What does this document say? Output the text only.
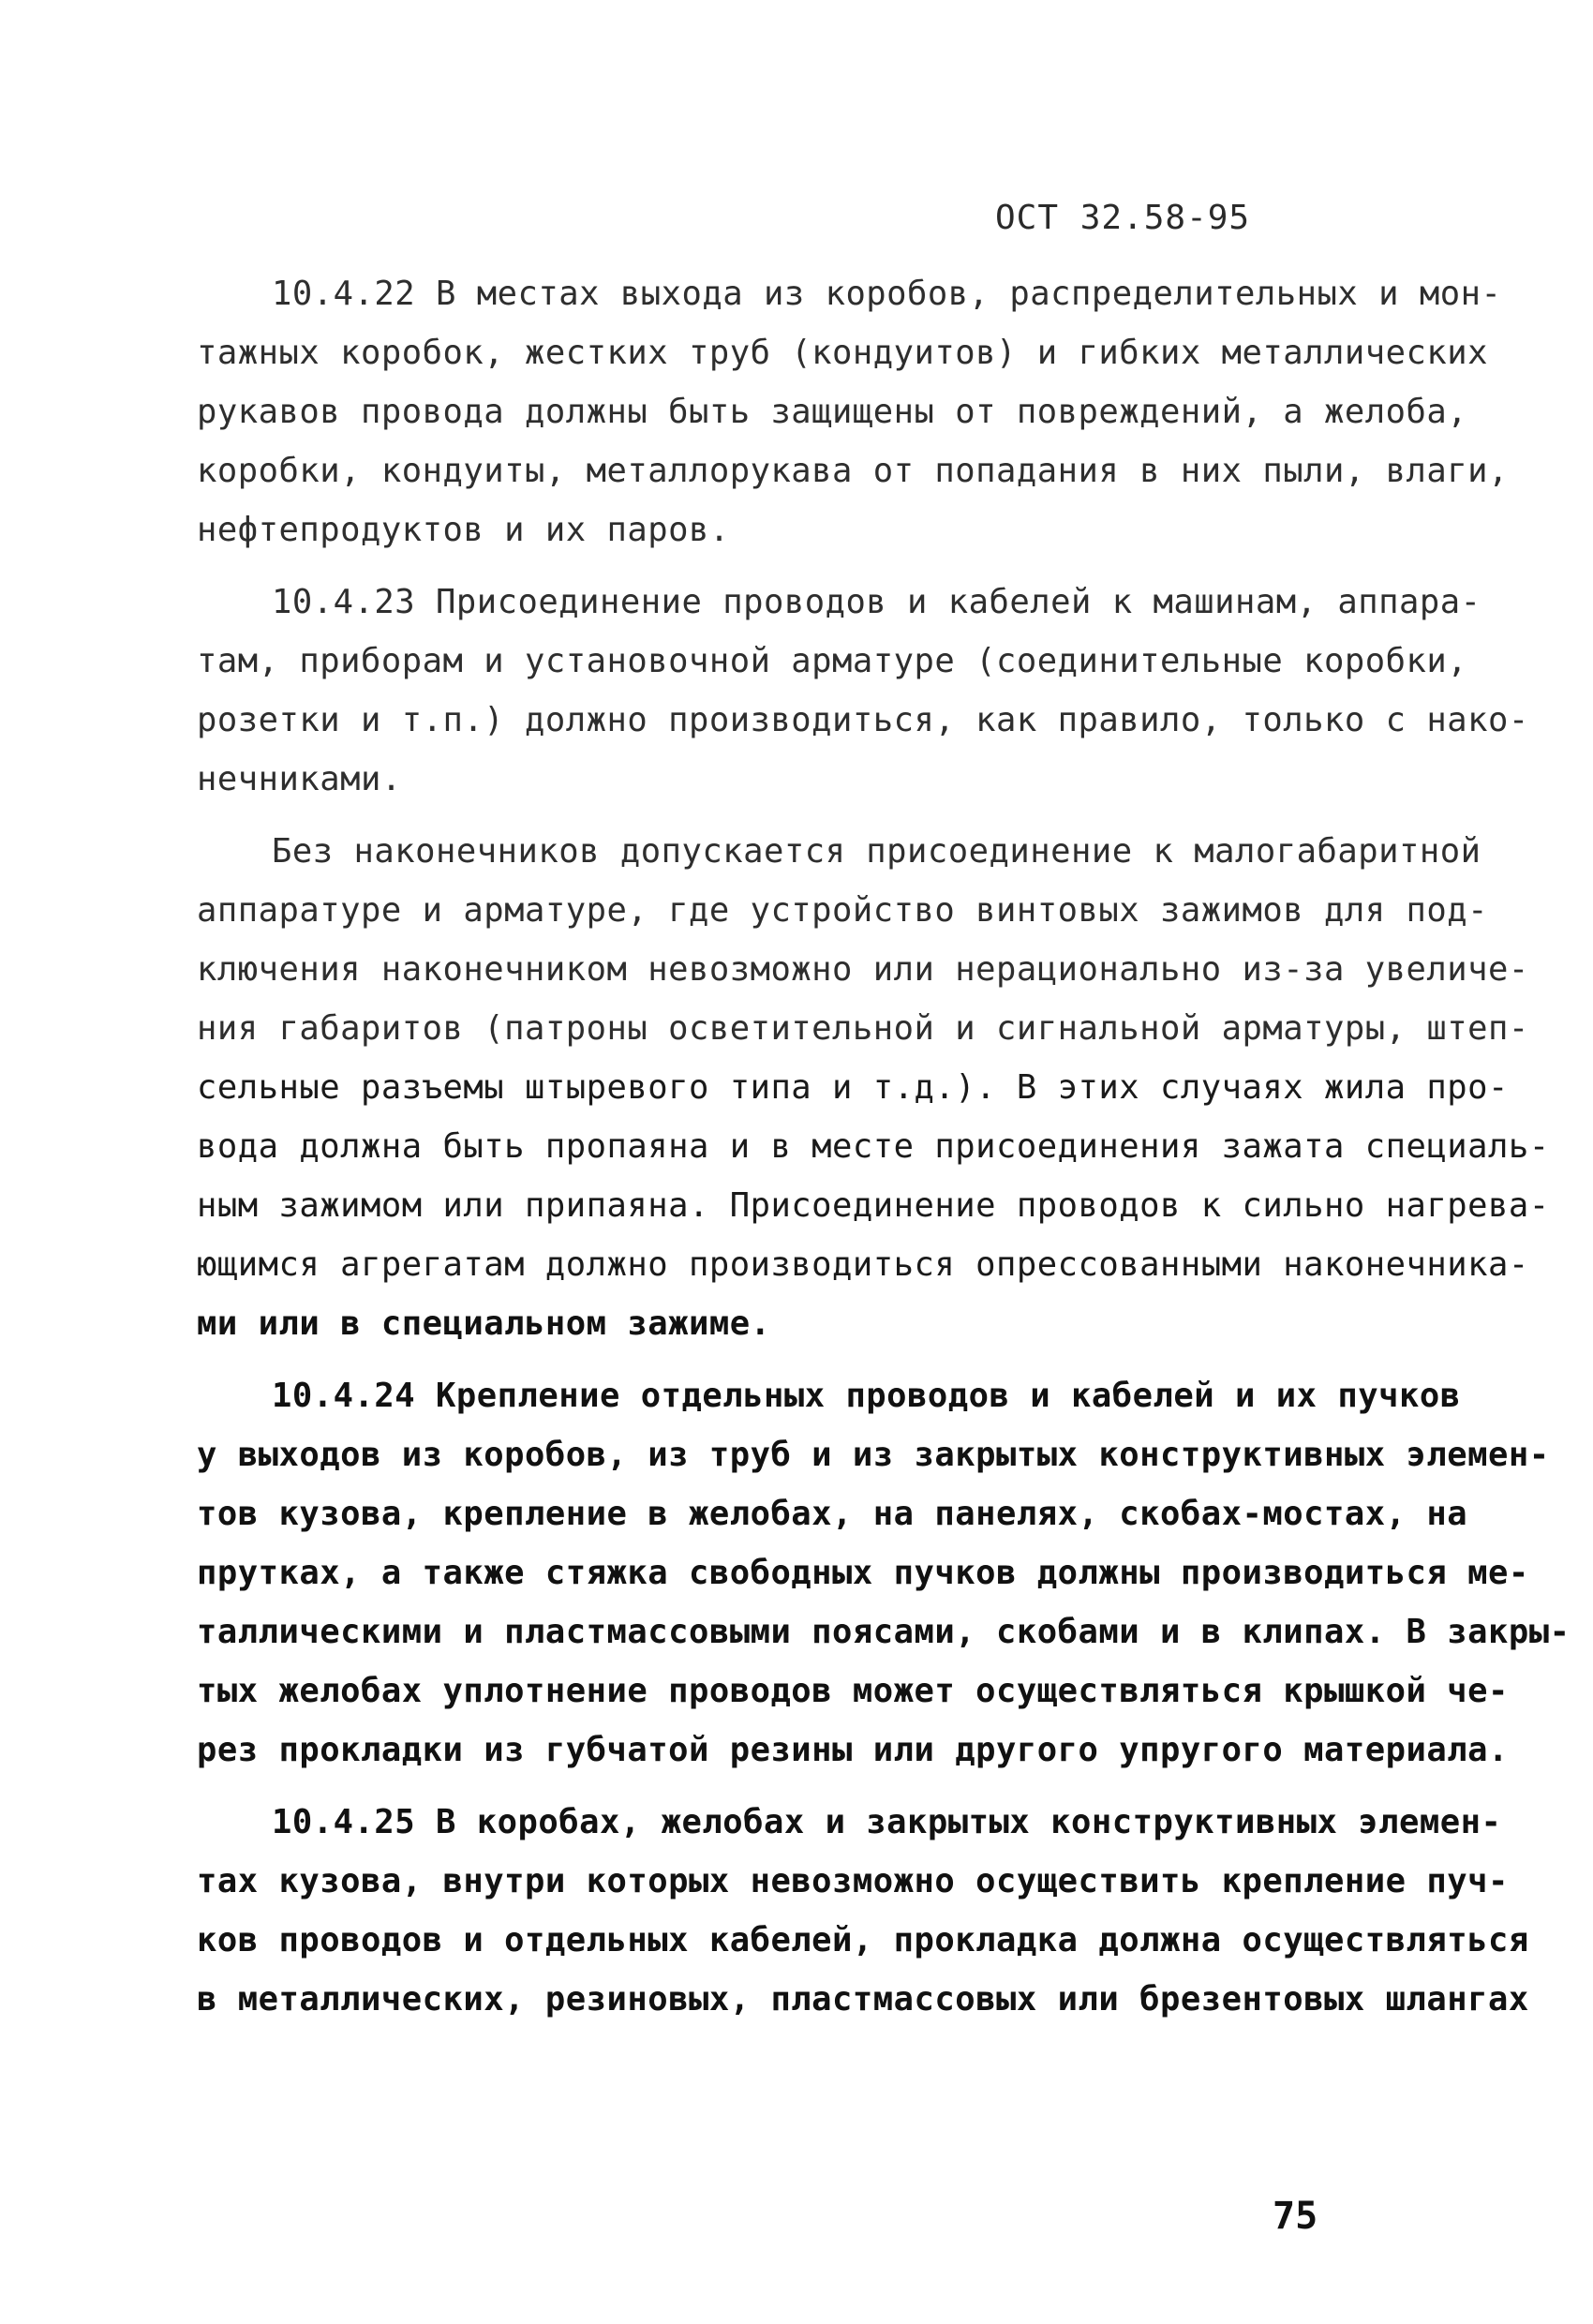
ОСТ 32.58-95
10.4.22 В местах выхода из коробов, распределительных и мон-
тажных коробок, жестких труб (кондуитов) и гибких металлических
рукавов провода должны быть защищены от повреждений, а желоба,
коробки, кондуиты, металлорукава от попадания в них пыли, влаги,
нефтепродуктов и их паров.
10.4.23 Присоединение проводов и кабелей к машинам, аппара-
там, приборам и установочной арматуре (соединительные коробки,
розетки и т.п.) должно производиться, как правило, только с нако-
нечниками.
Без наконечников допускается присоединение к малогабаритной
аппаратуре и арматуре, где устройство винтовых зажимов для под-
ключения наконечником невозможно или нерационально из-за увеличе-
ния габаритов (патроны осветительной и сигнальной арматуры, штеп-
сельные разъемы штыревого типа и т.д.). В этих случаях жила про-
вода должна быть пропаяна и в месте присоединения зажата специаль-
ным зажимом или припаяна. Присоединение проводов к сильно нагрева-
ющимся агрегатам должно производиться опрессованными наконечника-
ми или в специальном зажиме.
10.4.24 Крепление отдельных проводов и кабелей и их пучков
у выходов из коробов, из труб и из закрытых конструктивных элемен-
тов кузова, крепление в желобах, на панелях, скобах-мостах, на
прутках, а также стяжка свободных пучков должны производиться ме-
таллическими и пластмассовыми поясами, скобами и в клипах. В закры-
тых желобах уплотнение проводов может осуществляться крышкой че-
рез прокладки из губчатой резины или другого упругого материала.
10.4.25 В коробах, желобах и закрытых конструктивных элемен-
тах кузова, внутри которых невозможно осуществить крепление пуч-
ков проводов и отдельных кабелей, прокладка должна осуществляться
в металлических, резиновых, пластмассовых или брезентовых шлангах
75
